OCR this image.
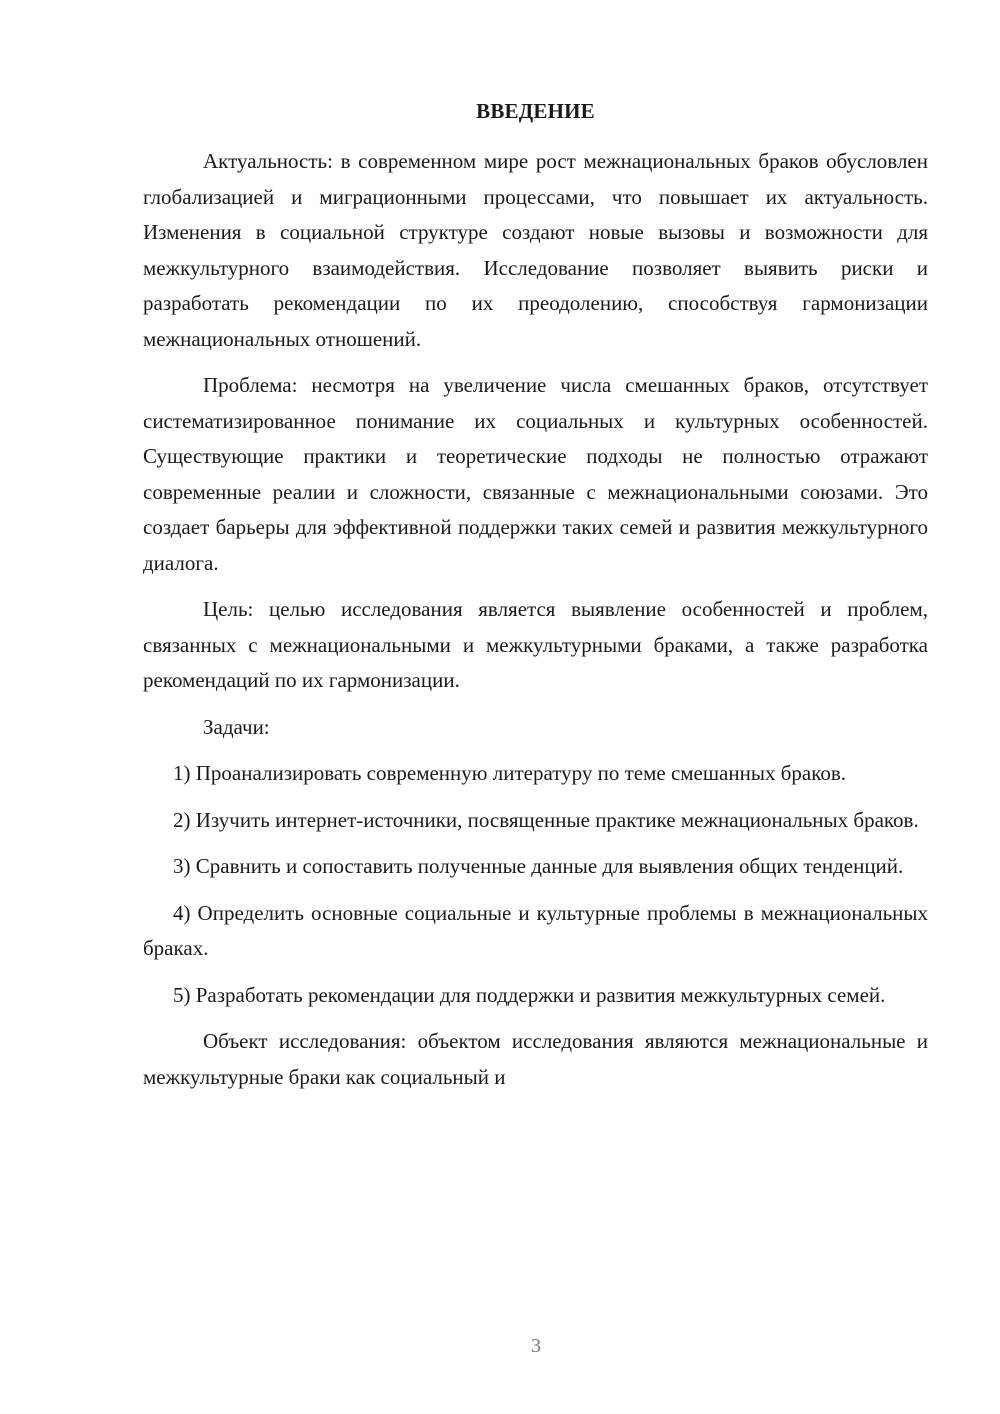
ВВЕДЕНИЕ

Актуальность: в современном мире рост межнациональных браков обусловлен глобализацией и миграционными процессами, что повышает их актуальность. Изменения в социальной структуре создают новые вызовы и возможности для межкультурного взаимодействия. Исследование позволяет выявить риски и разработать рекомендации по их преодолению, способствуя гармонизации межнациональных отношений.

Проблема: несмотря на увеличение числа смешанных браков, отсутствует систематизированное понимание их социальных и культурных особенностей. Существующие практики и теоретические подходы не полностью отражают современные реалии и сложности, связанные с межнациональными союзами. Это создает барьеры для эффективной поддержки таких семей и развития межкультурного диалога.

Цель: целью исследования является выявление особенностей и проблем, связанных с межнациональными и межкультурными браками, а также разработка рекомендаций по их гармонизации.

Задачи:

1) Проанализировать современную литературу по теме смешанных браков.

2) Изучить интернет-источники, посвященные практике межнациональных браков.

3) Сравнить и сопоставить полученные данные для выявления общих тенденций.

4) Определить основные социальные и культурные проблемы в межнациональных браках.

5) Разработать рекомендации для поддержки и развития межкультурных семей.

Объект исследования: объектом исследования являются межнациональные и межкультурные браки как социальный и

3
